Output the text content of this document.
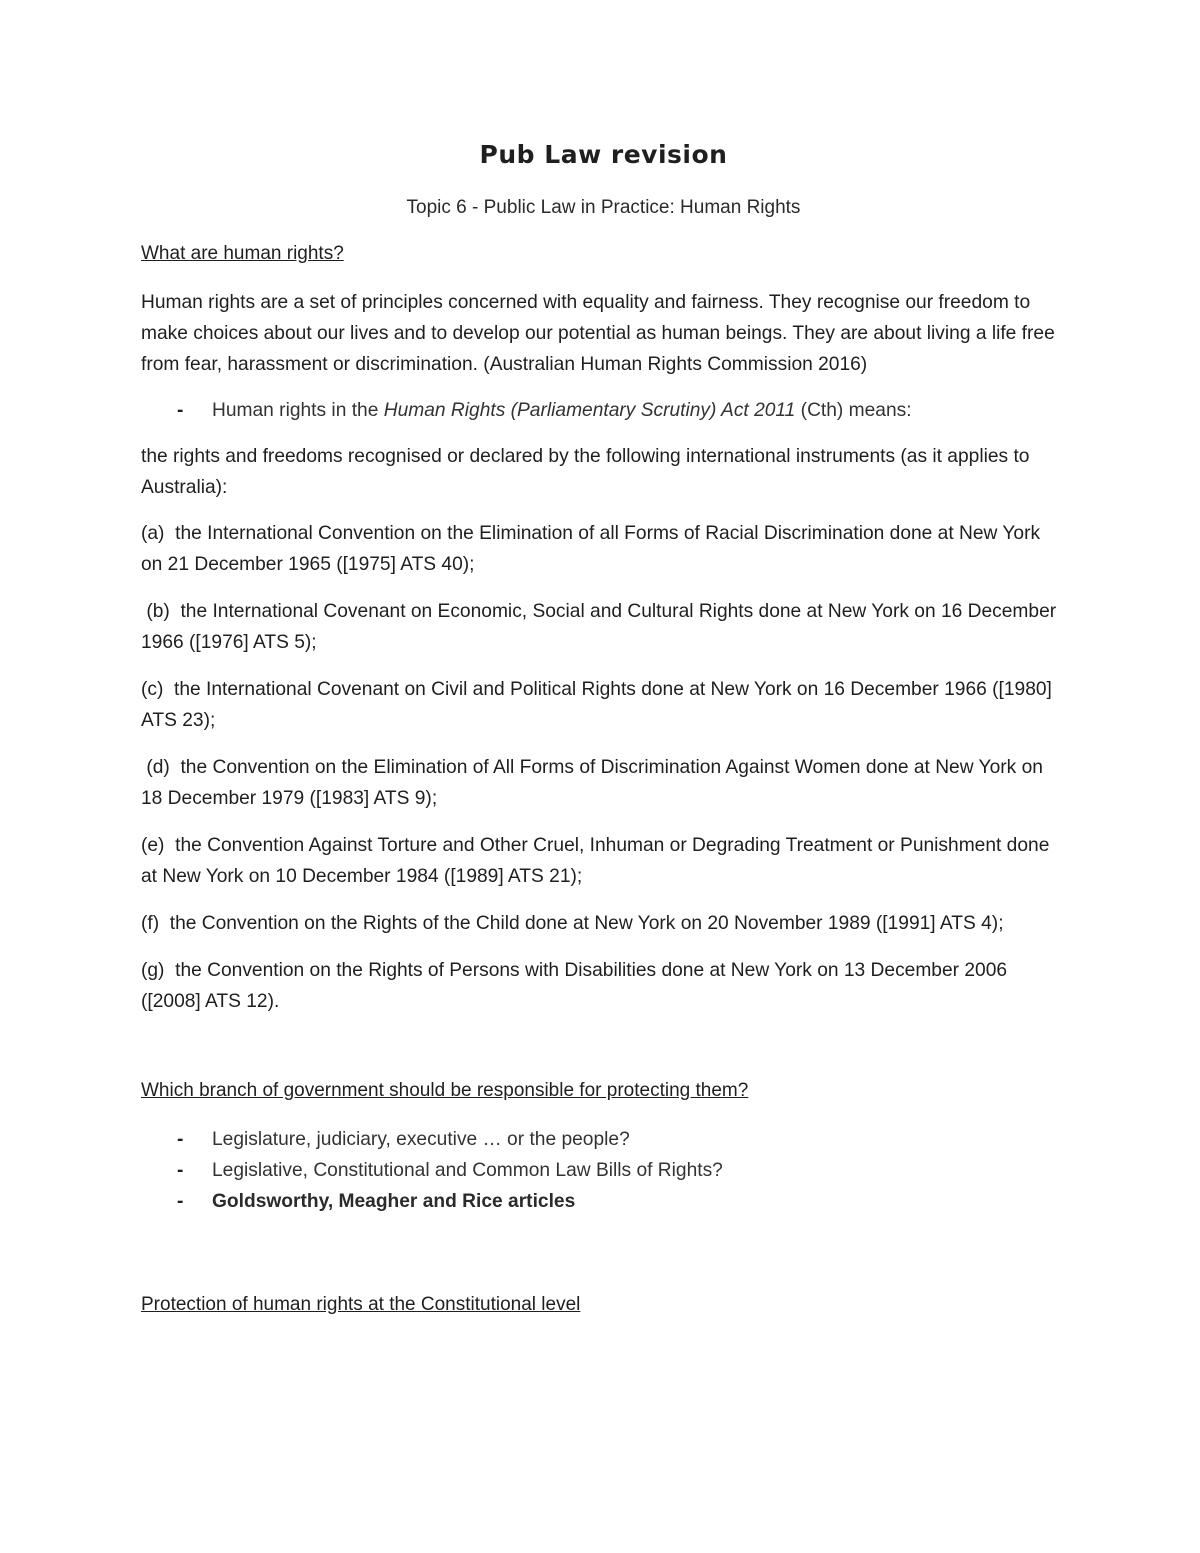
Pub Law revision
Topic 6 - Public Law in Practice: Human Rights
What are human rights?

Human rights are a set of principles concerned with equality and fairness. They recognise our freedom to make choices about our lives and to develop our potential as human beings. They are about living a life free from fear, harassment or discrimination. (Australian Human Rights Commission 2016)

- Human rights in the Human Rights (Parliamentary Scrutiny) Act 2011 (Cth) means:

the rights and freedoms recognised or declared by the following international instruments (as it applies to Australia):

(a)  the International Convention on the Elimination of all Forms of Racial Discrimination done at New York on 21 December 1965 ([1975] ATS 40);

(b)  the International Covenant on Economic, Social and Cultural Rights done at New York on 16 December 1966 ([1976] ATS 5);

(c)  the International Covenant on Civil and Political Rights done at New York on 16 December 1966 ([1980] ATS 23);

(d)  the Convention on the Elimination of All Forms of Discrimination Against Women done at New York on 18 December 1979 ([1983] ATS 9);

(e)  the Convention Against Torture and Other Cruel, Inhuman or Degrading Treatment or Punishment done at New York on 10 December 1984 ([1989] ATS 21);

(f)  the Convention on the Rights of the Child done at New York on 20 November 1989 ([1991] ATS 4);

(g)  the Convention on the Rights of Persons with Disabilities done at New York on 13 December 2006 ([2008] ATS 12).

Which branch of government should be responsible for protecting them?
- Legislature, judiciary, executive … or the people?
- Legislative, Constitutional and Common Law Bills of Rights?
- Goldsworthy, Meagher and Rice articles
Protection of human rights at the Constitutional level
